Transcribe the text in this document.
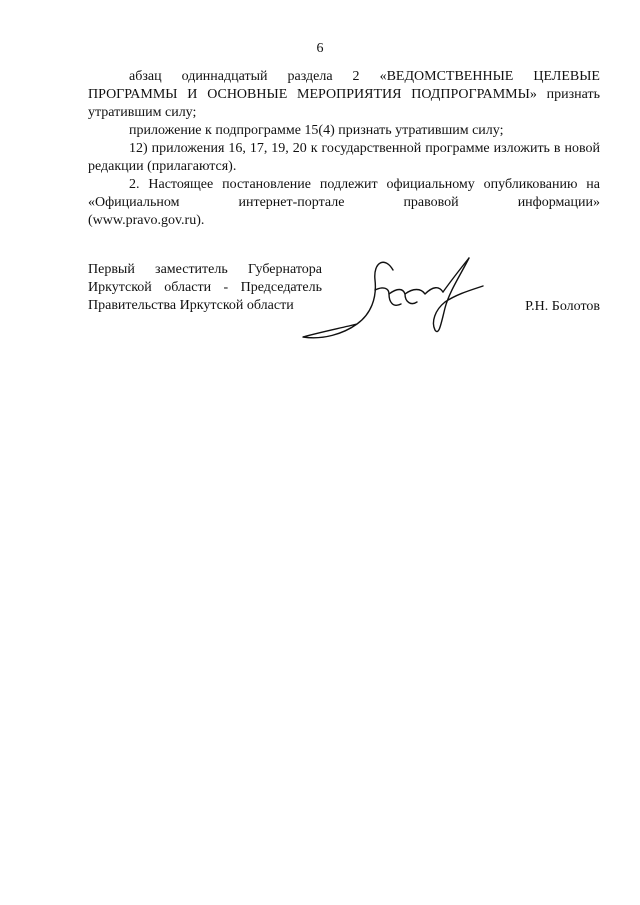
6

абзац одиннадцатый раздела 2 «ВЕДОМСТВЕННЫЕ ЦЕЛЕВЫЕ ПРОГРАММЫ И ОСНОВНЫЕ МЕРОПРИЯТИЯ ПОДПРОГРАММЫ» признать утратившим силу;

приложение к подпрограмме 15(4) признать утратившим силу;

12) приложения 16, 17, 19, 20 к государственной программе изложить в новой редакции (прилагаются).

2. Настоящее постановление подлежит официальному опубликованию на «Официальном интернет-портале правовой информации»

(www.pravo.gov.ru).

Первый заместитель Губернатора
Иркутской области - Председатель
Правительства Иркутской области	Р.Н. Болотов
